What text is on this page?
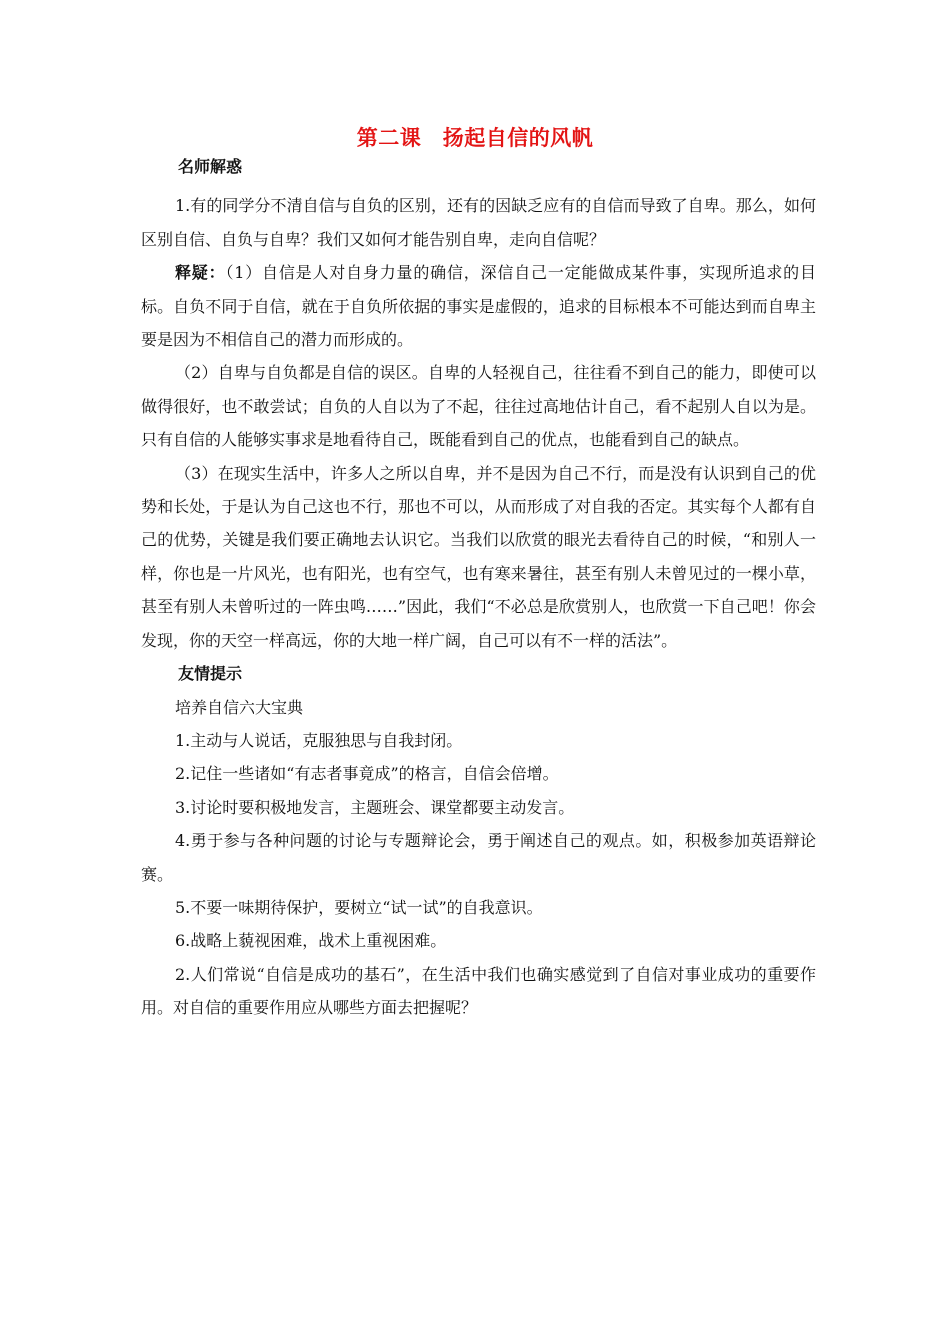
第二课　扬起自信的风帆
名师解惑
1.有的同学分不清自信与自负的区别，还有的因缺乏应有的自信而导致了自卑。那么，如何区别自信、自负与自卑？我们又如何才能告别自卑，走向自信呢？
释疑：（1）自信是人对自身力量的确信，深信自己一定能做成某件事，实现所追求的目标。自负不同于自信，就在于自负所依据的事实是虚假的，追求的目标根本不可能达到而自卑主要是因为不相信自己的潜力而形成的。
（2）自卑与自负都是自信的误区。自卑的人轻视自己，往往看不到自己的能力，即使可以做得很好，也不敢尝试；自负的人自以为了不起，往往过高地估计自己，看不起别人自以为是。只有自信的人能够实事求是地看待自己，既能看到自己的优点，也能看到自己的缺点。
（3）在现实生活中，许多人之所以自卑，并不是因为自己不行，而是没有认识到自己的优势和长处，于是认为自己这也不行，那也不可以，从而形成了对自我的否定。其实每个人都有自己的优势，关键是我们要正确地去认识它。当我们以欣赏的眼光去看待自己的时候，“和别人一样，你也是一片风光，也有阳光，也有空气，也有寒来暑往，甚至有别人未曾见过的一棵小草，甚至有别人未曾听过的一阵虫鸣……”因此，我们“不必总是欣赏别人，也欣赏一下自己吧！你会发现，你的天空一样高远，你的大地一样广阔，自己可以有不一样的活法”。
友情提示
培养自信六大宝典
1.主动与人说话，克服独思与自我封闭。
2.记住一些诸如“有志者事竟成”的格言，自信会倍增。
3.讨论时要积极地发言，主题班会、课堂都要主动发言。
4.勇于参与各种问题的讨论与专题辩论会，勇于阐述自己的观点。如，积极参加英语辩论赛。
5.不要一味期待保护，要树立“试一试”的自我意识。
6.战略上藐视困难，战术上重视困难。
2.人们常说“自信是成功的基石”，在生活中我们也确实感觉到了自信对事业成功的重要作用。对自信的重要作用应从哪些方面去把握呢？
